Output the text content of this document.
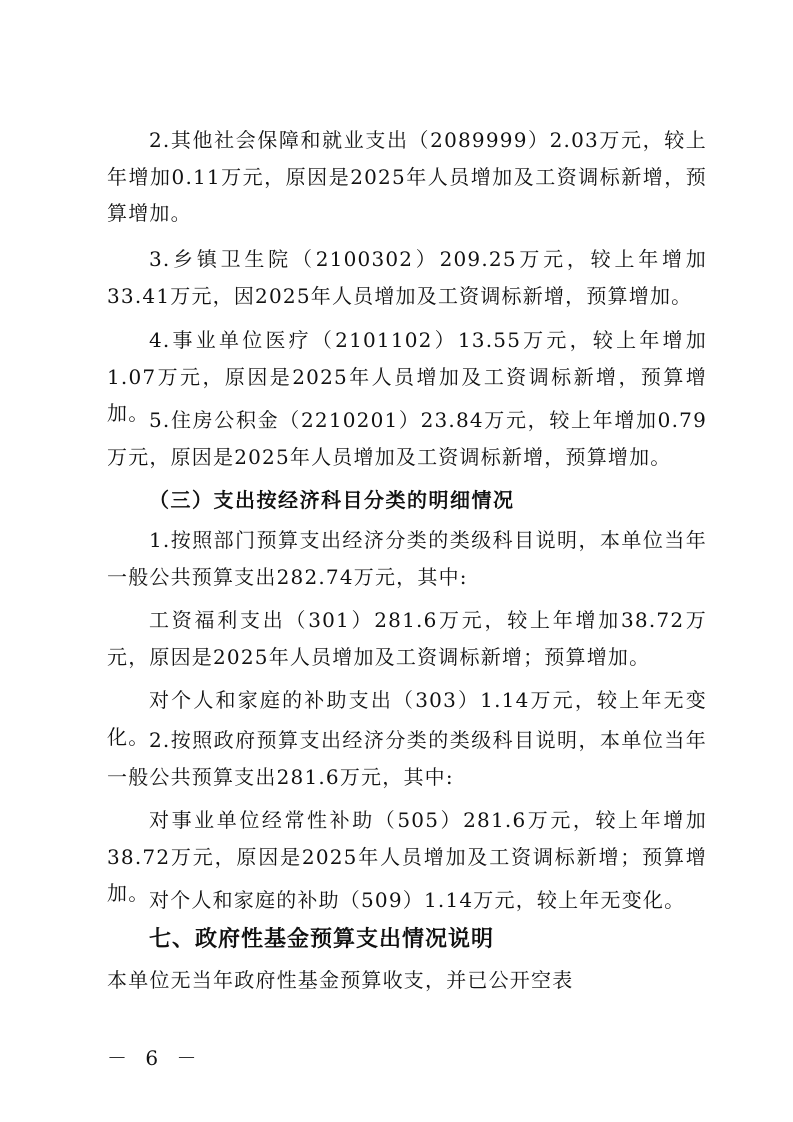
2.其他社会保障和就业支出（2089999）2.03万元，较上年增加0.11万元，原因是2025年人员增加及工资调标新增，预算增加。

3.乡镇卫生院（2100302）209.25万元，较上年增加33.41万元，因2025年人员增加及工资调标新增，预算增加。

4.事业单位医疗（2101102）13.55万元，较上年增加1.07万元，原因是2025年人员增加及工资调标新增，预算增加。 5.住房公积金（2210201）23.84万元，较上年增加0.79万元，原因是2025年人员增加及工资调标新增，预算增加。

（三）支出按经济科目分类的明细情况

1.按照部门预算支出经济分类的类级科目说明，本单位当年一般公共预算支出282.74万元，其中:

工资福利支出（301）281.6万元，较上年增加38.72万元，原因是2025年人员增加及工资调标新增；预算增加。

对个人和家庭的补助支出（303）1.14万元，较上年无变化。 2.按照政府预算支出经济分类的类级科目说明，本单位当年一般公共预算支出281.6万元，其中:

对事业单位经常性补助（505）281.6万元，较上年增加38.72万元，原因是2025年人员增加及工资调标新增；预算增加。 对个人和家庭的补助（509）1.14万元，较上年无变化。

七、政府性基金预算支出情况说明

本单位无当年政府性基金预算收支，并已公开空表

－ 6 －
